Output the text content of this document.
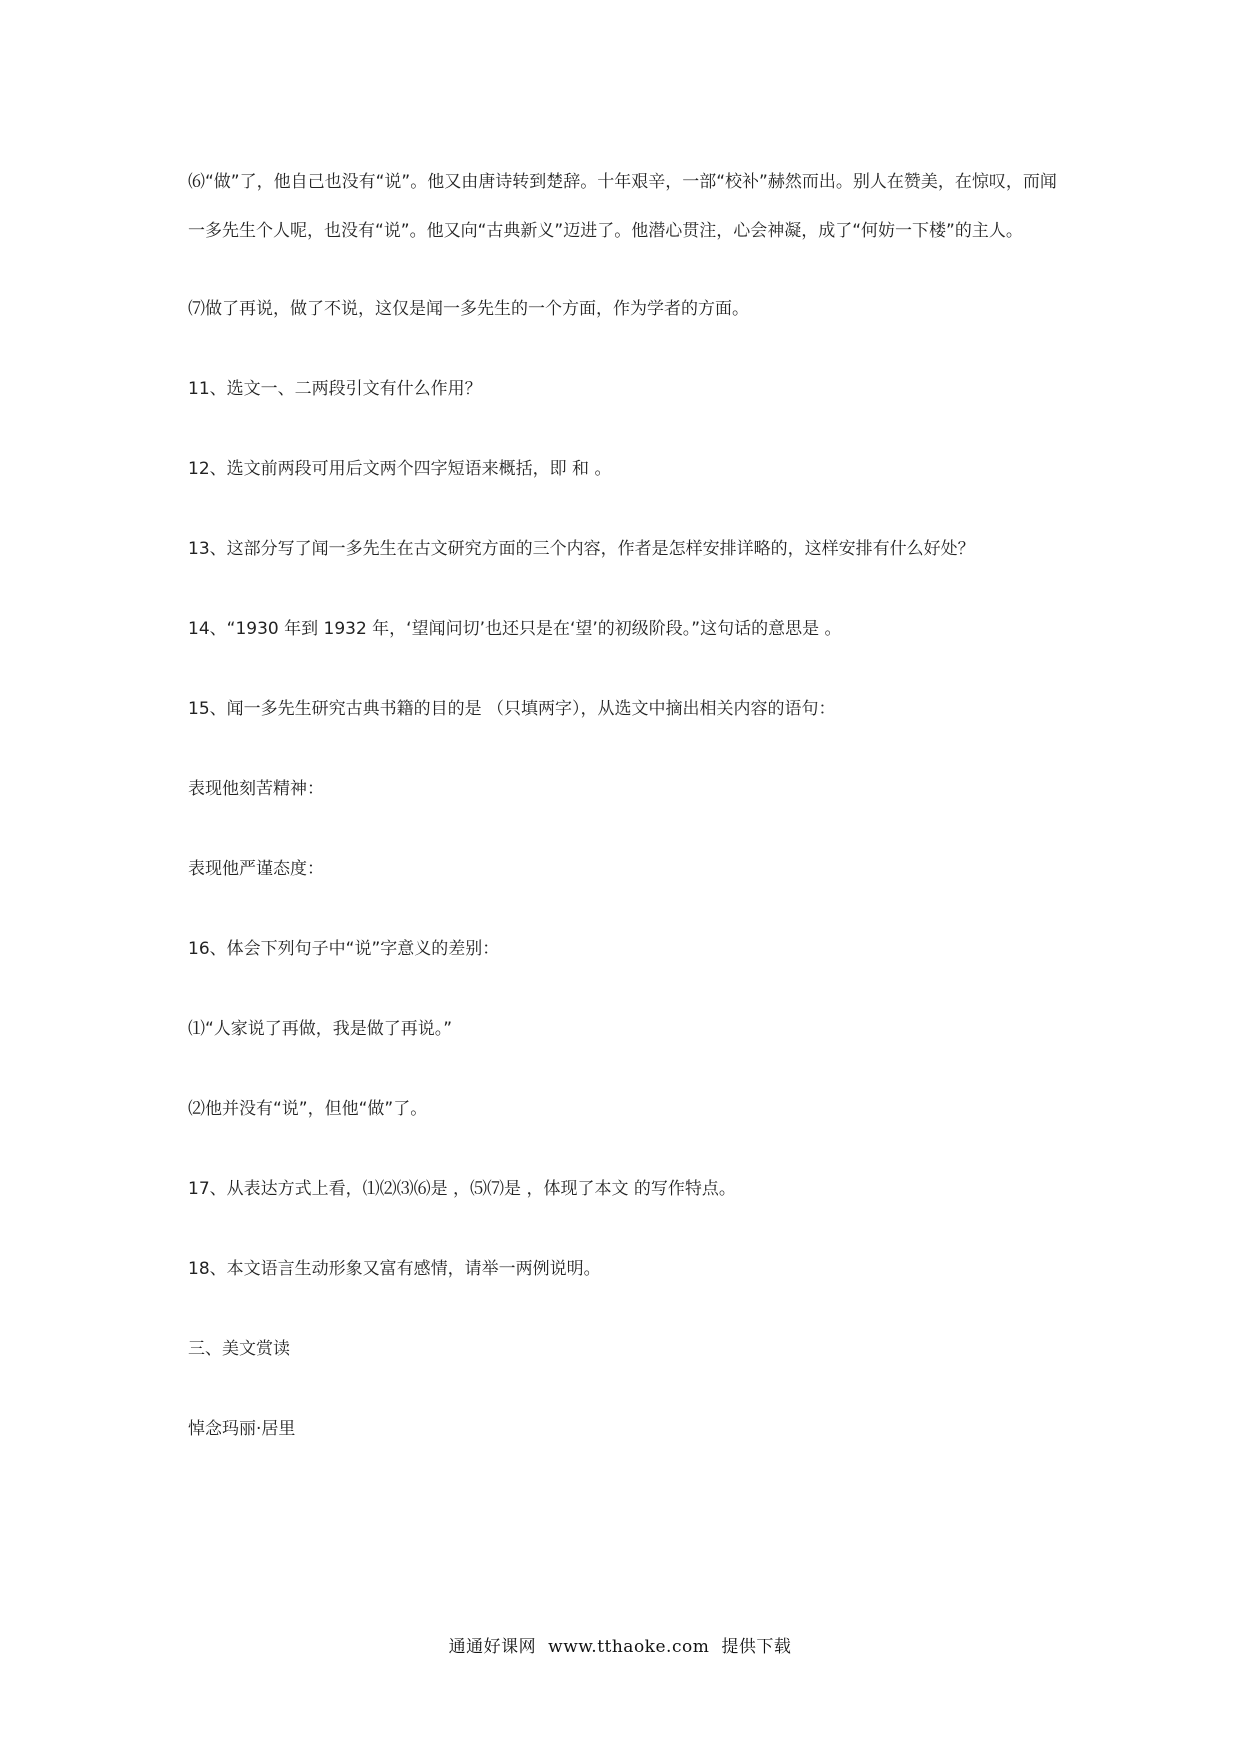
⑹“做”了，他自己也没有“说”。他又由唐诗转到楚辞。十年艰辛，一部“校补”赫然而出。别人在赞美，在惊叹，而闻一多先生个人呢，也没有“说”。他又向“古典新义”迈进了。他潜心贯注，心会神凝，成了“何妨一下楼”的主人。

⑺做了再说，做了不说，这仅是闻一多先生的一个方面，作为学者的方面。

11、选文一、二两段引文有什么作用？

12、选文前两段可用后文两个四字短语来概括，即 和 。

13、这部分写了闻一多先生在古文研究方面的三个内容，作者是怎样安排详略的，这样安排有什么好处？

14、“1930 年到 1932 年，‘望闻问切’也还只是在‘望’的初级阶段。”这句话的意思是 。

15、闻一多先生研究古典书籍的目的是 （只填两字），从选文中摘出相关内容的语句：

表现他刻苦精神：

表现他严谨态度：

16、体会下列句子中“说”字意义的差别：

⑴“人家说了再做，我是做了再说。”

⑵他并没有“说”，但他“做”了。

17、从表达方式上看，⑴⑵⑶⑹是 ，⑸⑺是 ，体现了本文 的写作特点。

18、本文语言生动形象又富有感情，请举一两例说明。

三、美文赏读

悼念玛丽·居里

通通好课网 www.tthaoke.com 提供下载
